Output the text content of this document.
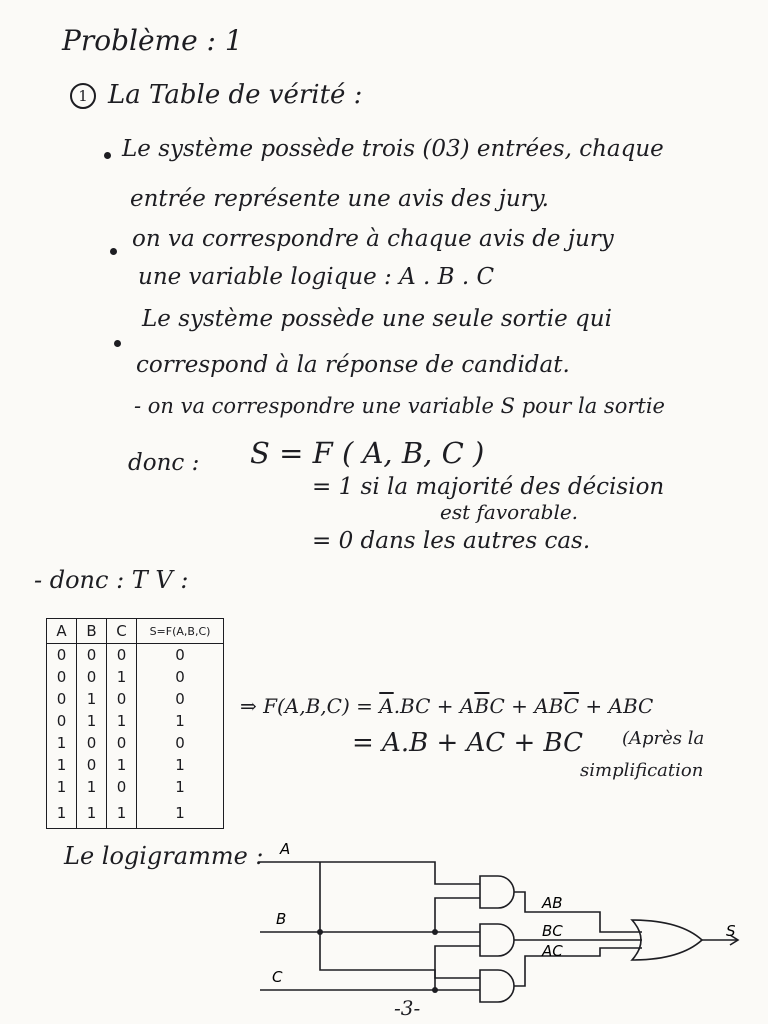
Problème : 1
1 La Table de vérité :
Le système possède trois (03) entrées, chaque
entrée représente une avis des jury.
on va correspondre à chaque avis de jury
une variable logique : A . B . C
Le système possède une seule sortie qui
correspond à la réponse de candidat.
- on va correspondre une variable S pour la sortie
donc : S = F ( A, B, C )
= 1 si la majorité des décision
est favorable.
= 0 dans les autres cas.
- donc : T V :
A	B	C	S=F(A,B,C)
0	0	0	0
0	0	1	0
0	1	0	0
0	1	1	1
1	0	0	0
1	0	1	1
1	1	0	1
1	1	1	1
⇒ $F(A,B,C) = \overline{A}.BC + A\overline{B}C + AB\overline{C}$ + ABC
= A.B + AC + BC (Après la
simplification
Le logigramme : A
B
C
AB
BC
AC
S
-3-
